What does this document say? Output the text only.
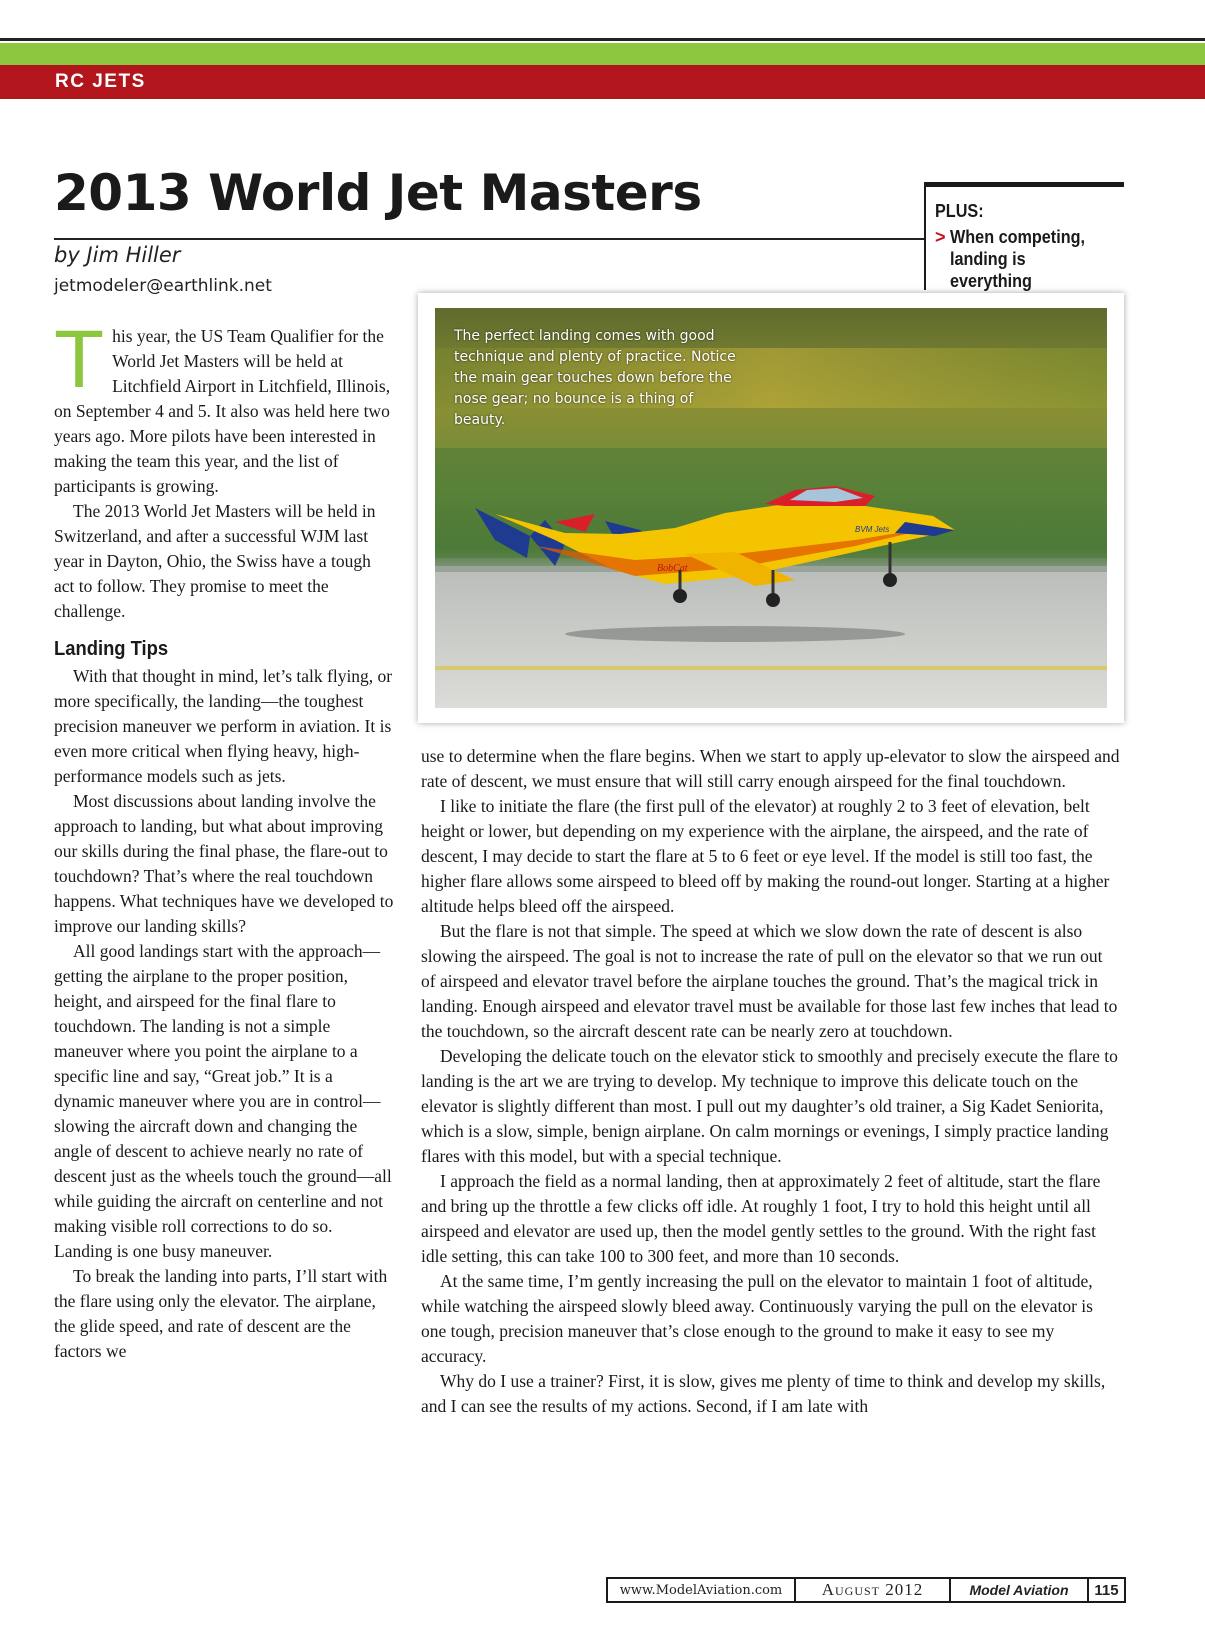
RC JETS
2013 World Jet Masters
by Jim Hiller
jetmodeler@earthlink.net
PLUS:
> When competing, landing is everything

This year, the US Team Qualifier for the World Jet Masters will be held at Litchfield Airport in Litchfield, Illinois, on September 4 and 5. It also was held here two years ago. More pilots have been interested in making the team this year, and the list of participants is growing.

The 2013 World Jet Masters will be held in Switzerland, and after a successful WJM last year in Dayton, Ohio, the Swiss have a tough act to follow. They promise to meet the challenge.

Landing Tips

With that thought in mind, let’s talk flying, or more specifically, the landing—the toughest precision maneuver we perform in aviation. It is even more critical when flying heavy, high-performance models such as jets.

Most discussions about landing involve the approach to landing, but what about improving our skills during the final phase, the flare-out to touchdown? That’s where the real touchdown happens. What techniques have we developed to improve our landing skills?

All good landings start with the approach—getting the airplane to the proper position, height, and airspeed for the final flare to touchdown. The landing is not a simple maneuver where you point the airplane to a specific line and say, “Great job.” It is a dynamic maneuver where you are in control—slowing the aircraft down and changing the angle of descent to achieve nearly no rate of descent just as the wheels touch the ground—all while guiding the aircraft on centerline and not making visible roll corrections to do so. Landing is one busy maneuver.

To break the landing into parts, I’ll start with the flare using only the elevator. The airplane, the glide speed, and rate of descent are the factors we

BVM Jets
BobCat
The perfect landing comes with good technique and plenty of practice. Notice the main gear touches down before the nose gear; no bounce is a thing of beauty.

use to determine when the flare begins. When we start to apply up-elevator to slow the airspeed and rate of descent, we must ensure that will still carry enough airspeed for the final touchdown.

I like to initiate the flare (the first pull of the elevator) at roughly 2 to 3 feet of elevation, belt height or lower, but depending on my experience with the airplane, the airspeed, and the rate of descent, I may decide to start the flare at 5 to 6 feet or eye level. If the model is still too fast, the higher flare allows some airspeed to bleed off by making the round-out longer. Starting at a higher altitude helps bleed off the airspeed.

But the flare is not that simple. The speed at which we slow down the rate of descent is also slowing the airspeed. The goal is not to increase the rate of pull on the elevator so that we run out of airspeed and elevator travel before the airplane touches the ground. That’s the magical trick in landing. Enough airspeed and elevator travel must be available for those last few inches that lead to the touchdown, so the aircraft descent rate can be nearly zero at touchdown.

Developing the delicate touch on the elevator stick to smoothly and precisely execute the flare to landing is the art we are trying to develop. My technique to improve this delicate touch on the elevator is slightly different than most. I pull out my daughter’s old trainer, a Sig Kadet Seniorita, which is a slow, simple, benign airplane. On calm mornings or evenings, I simply practice landing flares with this model, but with a special technique.

I approach the field as a normal landing, then at approximately 2 feet of altitude, start the flare and bring up the throttle a few clicks off idle. At roughly 1 foot, I try to hold this height until all airspeed and elevator are used up, then the model gently settles to the ground. With the right fast idle setting, this can take 100 to 300 feet, and more than 10 seconds.

At the same time, I’m gently increasing the pull on the elevator to maintain 1 foot of altitude, while watching the airspeed slowly bleed away. Continuously varying the pull on the elevator is one tough, precision maneuver that’s close enough to the ground to make it easy to see my accuracy.

Why do I use a trainer? First, it is slow, gives me plenty of time to think and develop my skills, and I can see the results of my actions. Second, if I am late with

www.ModelAviation.com	August 2012	Model Aviation	115
